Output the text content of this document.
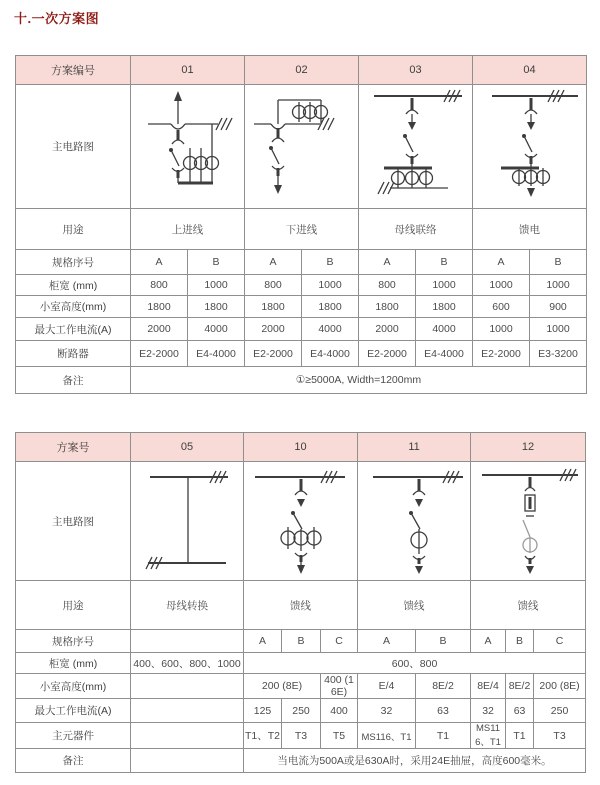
十.一次方案图
方案编号	01		02		03		04	
主电路图	

用途	上进线		下进线		母线联络		馈电	
规格序号	A	B	A	B	A	B	A	B
柜宽 (mm)	800	1000	800	1000	800	1000	1000	1000
小室高度(mm)	1800	1800	1800	1800	1800	1800	600	900
最大工作电流(A)	2000	4000	2000	4000	2000	4000	1000	1000
断路器	E2-2000	E4-4000	E2-2000	E4-4000	E2-2000	E4-4000	E2-2000	E3-3200
备注	①≥5000A, Width=1200mm							
方案号	05	10			11		12		
主电路图	

用途	母线转换	馈线			馈线		馈线		
规格序号		A	B	C	A	B	A	B	C
柜宽 (mm)	400、600、800、1000	600、800							
小室高度(mm)		200 (8E)		400 (16E)	E/4	8E/2	8E/4	8E/2	200 (8E)
最大工作电流(A)		125	250	400	32	63	32	63	250
主元器件		T1、T2	T3	T5	MS116、T1	T1	MS116、T1	T1	T3
备注		当电流为500A或是630A时，采用24E抽屉，高度600毫米。							
